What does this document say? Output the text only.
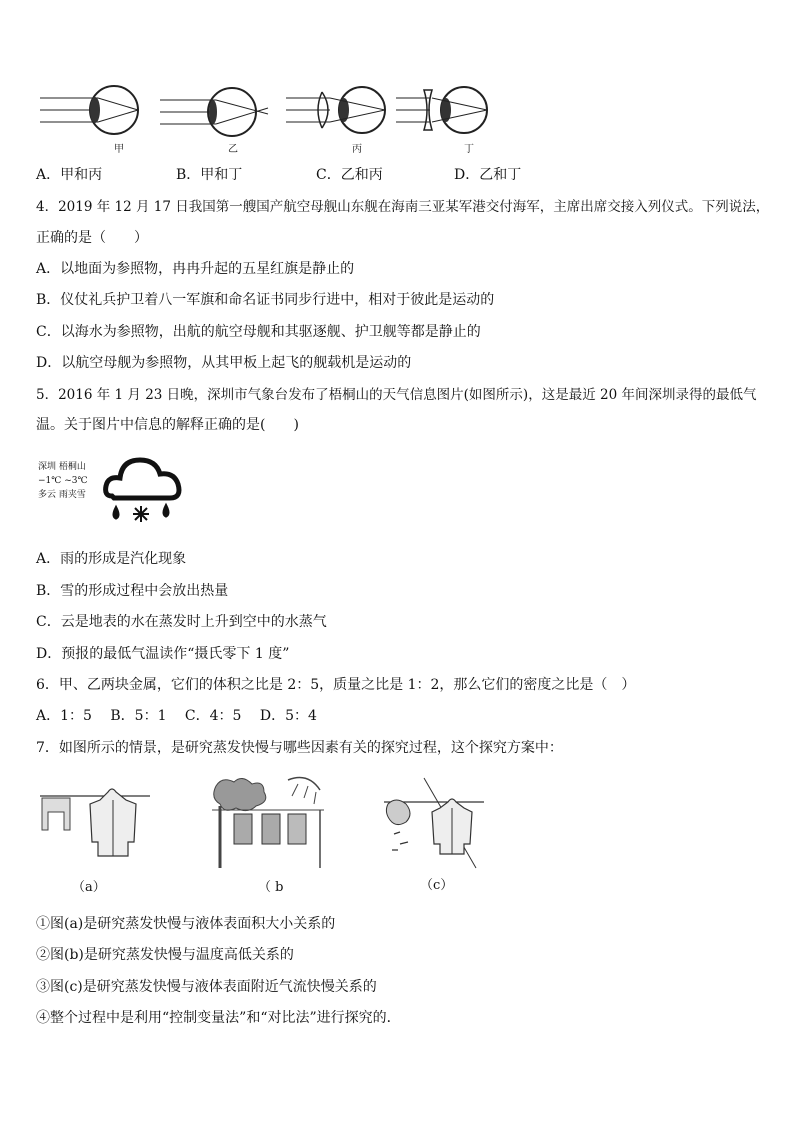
甲	乙	丙	丁
A．甲和丙	B．甲和丁	C．乙和丙	D．乙和丁
4．2019 年 12 月 17 日我国第一艘国产航空母舰山东舰在海南三亚某军港交付海军，主席出席交接入列仪式。下列说法，
正确的是（　　）
A．以地面为参照物，冉冉升起的五星红旗是静止的
B．仪仗礼兵护卫着八一军旗和命名证书同步行进中，相对于彼此是运动的
C．以海水为参照物，出航的航空母舰和其驱逐舰、护卫舰等都是静止的
D．以航空母舰为参照物，从其甲板上起飞的舰载机是运动的
5．2016 年 1 月 23 日晚，深圳市气象台发布了梧桐山的天气信息图片(如图所示)，这是最近 20 年间深圳录得的最低气
温。关于图片中信息的解释正确的是(　　)
深圳 梧桐山
−1℃ ~3℃
多云 雨夹雪
A．雨的形成是汽化现象
B．雪的形成过程中会放出热量
C．云是地表的水在蒸发时上升到空中的水蒸气
D．预报的最低气温读作“摄氏零下 1 度”
6．甲、乙两块金属，它们的体积之比是 2：5，质量之比是 1：2，那么它们的密度之比是（　）
A．1：5　 B．5：1　 C．4：5　 D．5：4
7．如图所示的情景，是研究蒸发快慢与哪些因素有关的探究过程，这个探究方案中：
（a）	（ b	（c）
①图(a)是研究蒸发快慢与液体表面积大小关系的
②图(b)是研究蒸发快慢与温度高低关系的
③图(c)是研究蒸发快慢与液体表面附近气流快慢关系的
④整个过程中是利用“控制变量法”和“对比法”进行探究的．
